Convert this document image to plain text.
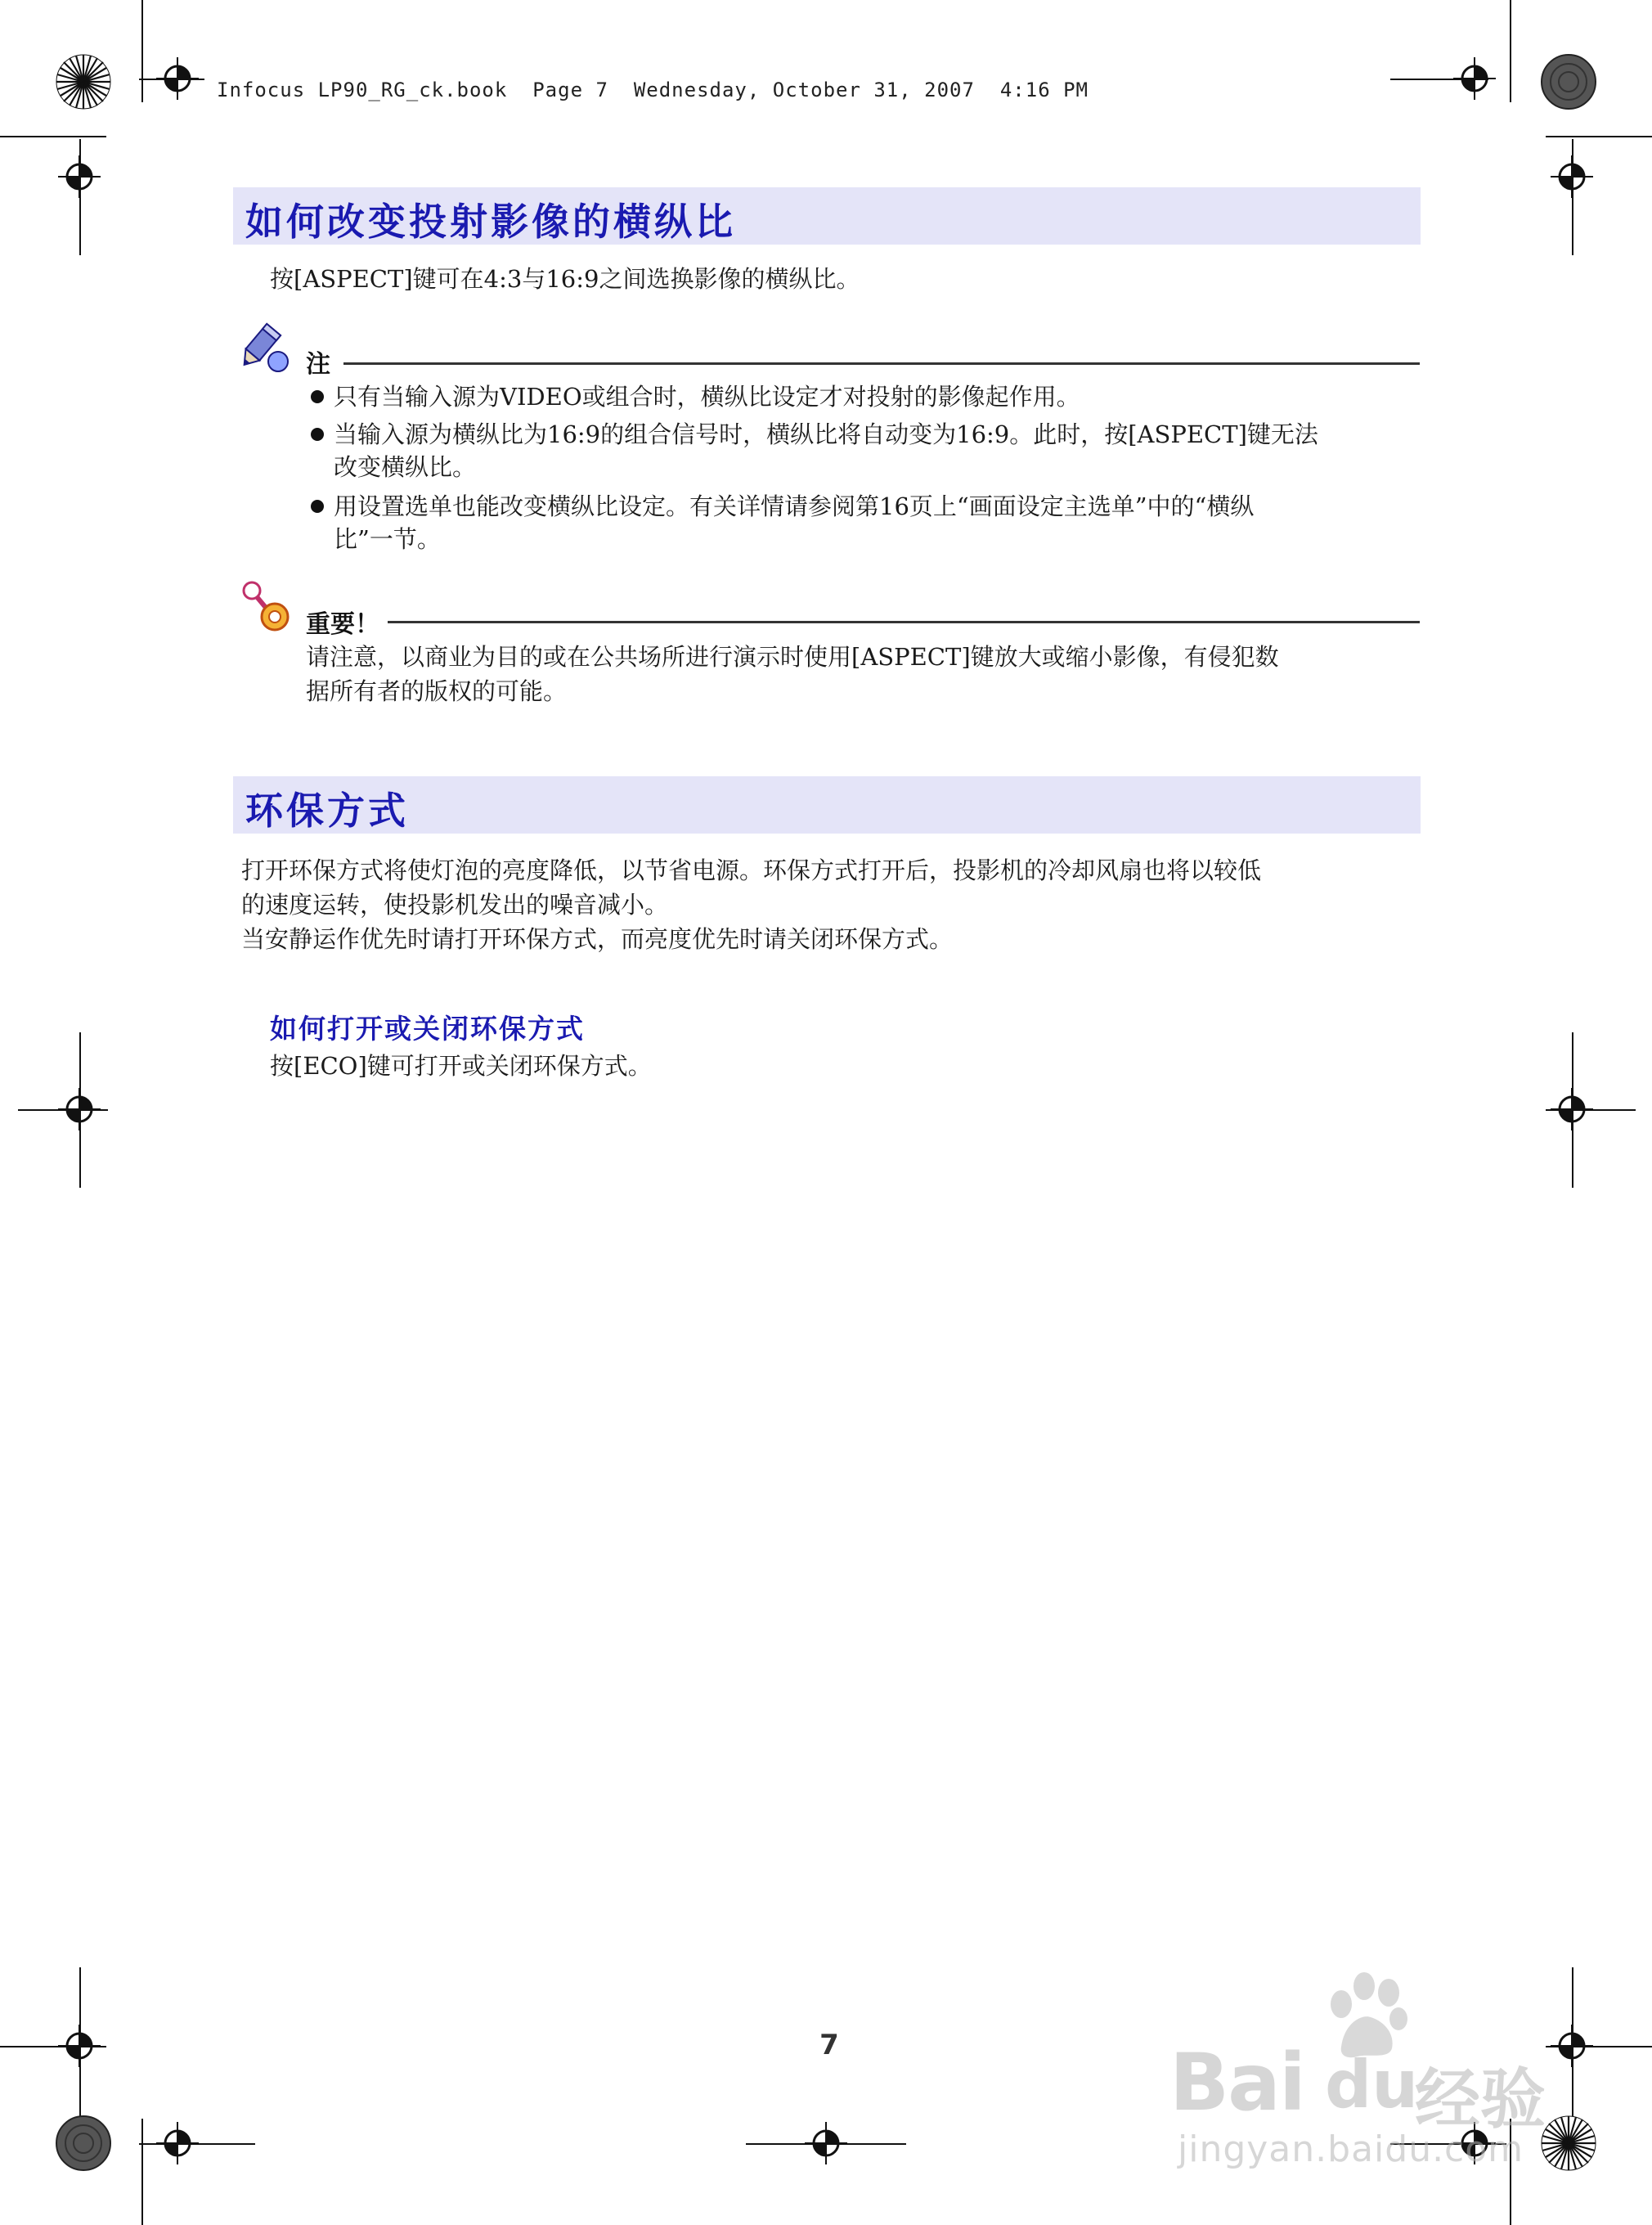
Infocus LP90_RG_ck.book  Page 7  Wednesday, October 31, 2007  4:16 PM
如何改变投射影像的横纵比
按[ASPECT]键可在4:3与16:9之间选换影像的横纵比。
注
只有当输入源为VIDEO或组合时，横纵比设定才对投射的影像起作用。
当输入源为横纵比为16:9的组合信号时，横纵比将自动变为16:9。此时，按[ASPECT]键无法
改变横纵比。
用设置选单也能改变横纵比设定。有关详情请参阅第16页上“画面设定主选单”中的“横纵
比”一节。
重要！
请注意，以商业为目的或在公共场所进行演示时使用[ASPECT]键放大或缩小影像，有侵犯数
据所有者的版权的可能。
环保方式
打开环保方式将使灯泡的亮度降低，以节省电源。环保方式打开后，投影机的冷却风扇也将以较低
的速度运转，使投影机发出的噪音减小。
当安静运作优先时请打开环保方式，而亮度优先时请关闭环保方式。
如何打开或关闭环保方式
按[ECO]键可打开或关闭环保方式。
7	Bai du
经验
jingyan.baidu.com
